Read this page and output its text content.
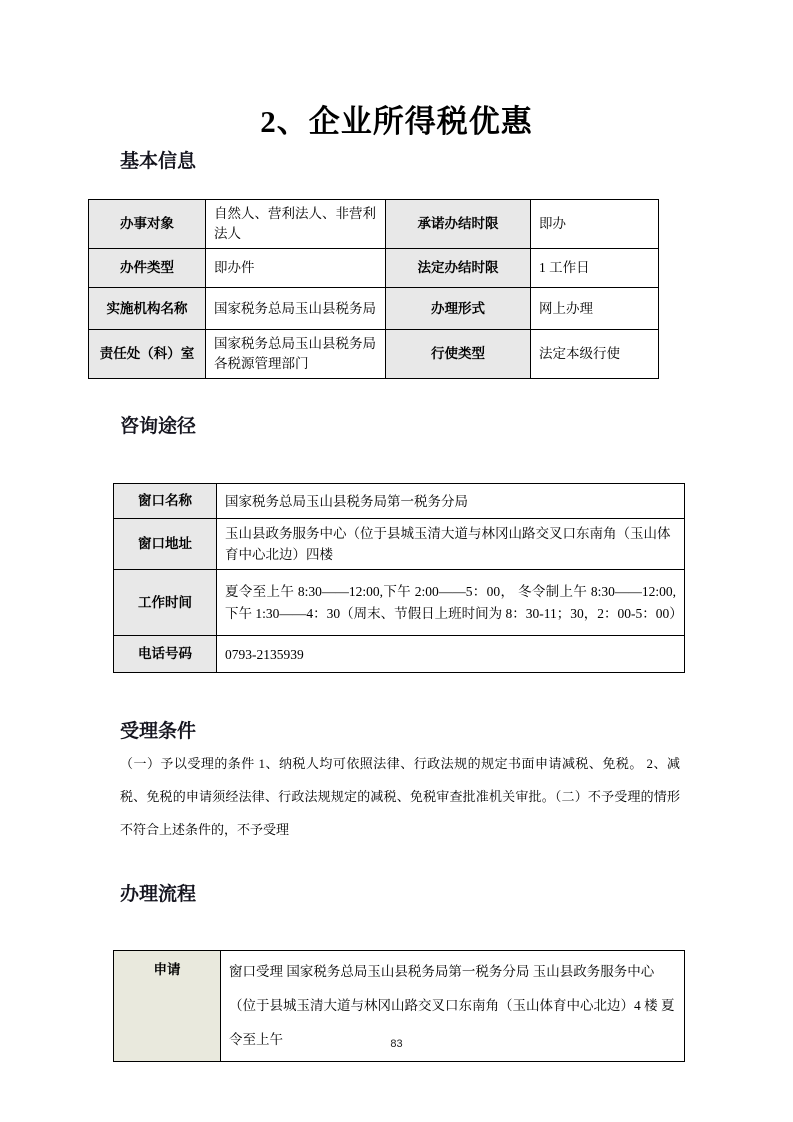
2、企业所得税优惠
基本信息
办事对象	自然人、营利法人、非营利法人	承诺办结时限	即办
办件类型	即办件	法定办结时限	1 工作日
实施机构名称	国家税务总局玉山县税务局	办理形式	网上办理
责任处（科）室	国家税务总局玉山县税务局各税源管理部门	行使类型	法定本级行使
咨询途径
窗口名称	国家税务总局玉山县税务局第一税务分局
窗口地址	玉山县政务服务中心（位于县城玉清大道与林冈山路交叉口东南角（玉山体育中心北边）四楼
工作时间	夏令至上午 8:30——12:00,下午 2:00——5：00， 冬令制上午 8:30——12:00,下午 1:30——4：30（周末、节假日上班时间为 8：30-11；30，2：00-5：00）
电话号码	0793-2135939
受理条件
（一）予以受理的条件 1、纳税人均可依照法律、行政法规的规定书面申请减税、免税。 2、减税、免税的申请须经法律、行政法规规定的减税、免税审查批准机关审批。（二）不予受理的情形 不符合上述条件的，不予受理
办理流程
申请	窗口受理 国家税务总局玉山县税务局第一税务分局 玉山县政务服务中心（位于县城玉清大道与林冈山路交叉口东南角（玉山体育中心北边）4 楼 夏令至上午	83
